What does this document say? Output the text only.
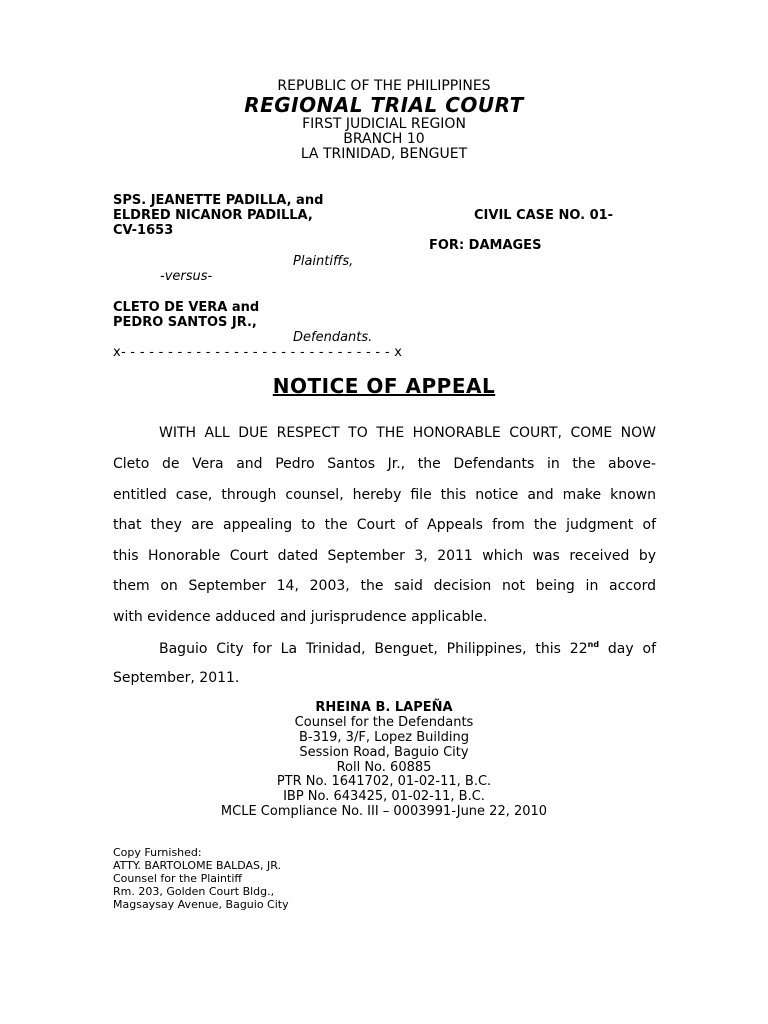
REPUBLIC OF THE PHILIPPINES
REGIONAL TRIAL COURT
FIRST JUDICIAL REGION
BRANCH 10
LA TRINIDAD, BENGUET
SPS. JEANETTE PADILLA, and
ELDRED NICANOR PADILLA,	CIVIL CASE NO. 01-
CV-1653
FOR: DAMAGES
Plaintiffs,
-versus-
CLETO DE VERA and
PEDRO SANTOS JR.,
Defendants.
x- - - - - - - - - - - - - - - - - - - - - - - - - - - - - x
NOTICE OF APPEAL
WITH ALL DUE RESPECT TO THE HONORABLE COURT, COME NOW
Cleto de Vera and Pedro Santos Jr., the Defendants in the above-
entitled case, through counsel, hereby file this notice and make known
that they are appealing to the Court of Appeals from the judgment of
this Honorable Court dated September 3, 2011 which was received by
them on September 14, 2003, the said decision not being in accord
with evidence adduced and jurisprudence applicable.
Baguio City for La Trinidad, Benguet, Philippines, this 22nd day of
September, 2011.
RHEINA B. LAPEÑA
Counsel for the Defendants
B-319, 3/F, Lopez Building
Session Road, Baguio City
Roll No. 60885
PTR No. 1641702, 01-02-11, B.C.
IBP No. 643425, 01-02-11, B.C.
MCLE Compliance No. III – 0003991-June 22, 2010
Copy Furnished:
ATTY. BARTOLOME BALDAS, JR.
Counsel for the Plaintiff
Rm. 203, Golden Court Bldg.,
Magsaysay Avenue, Baguio City
